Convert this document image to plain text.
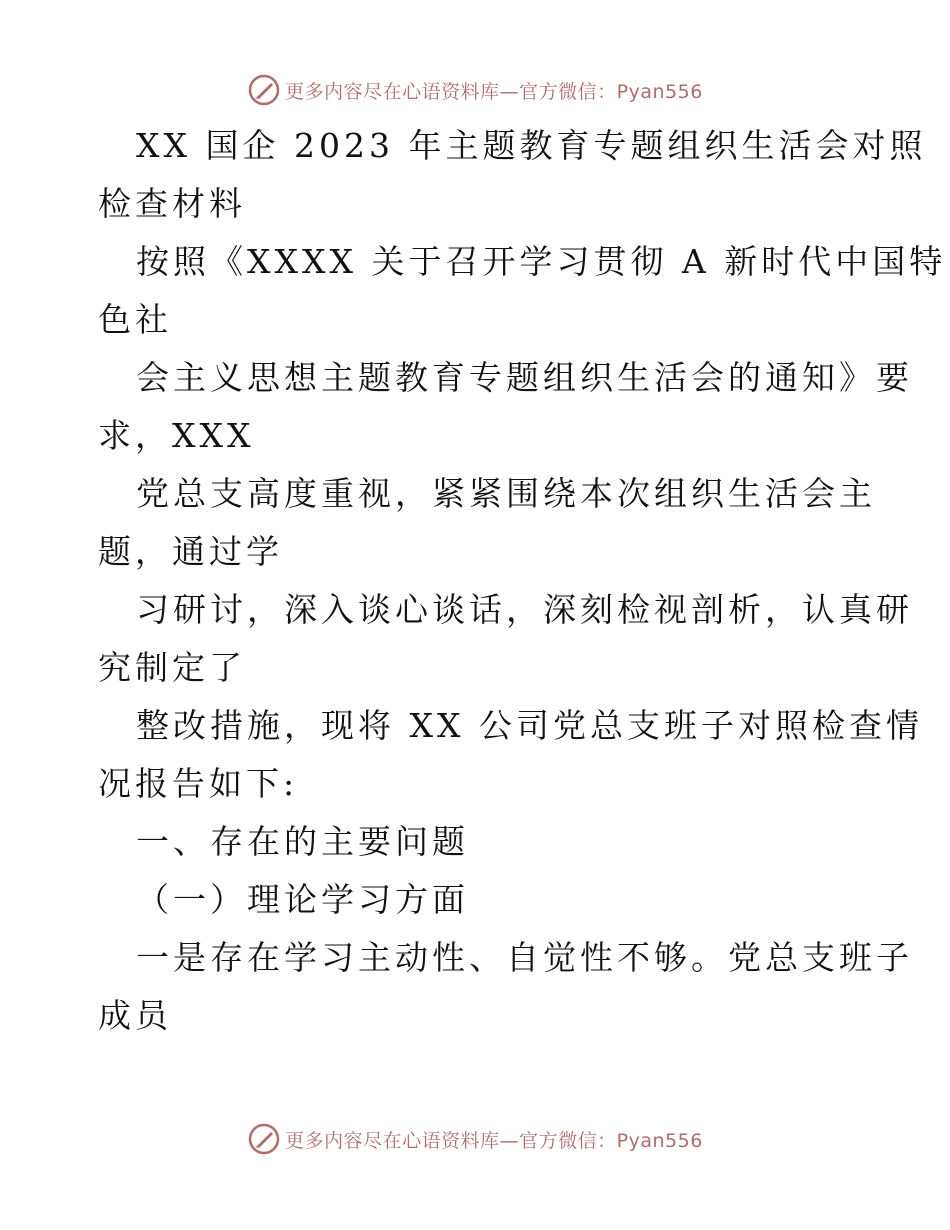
更多内容尽在心语资料库—官方微信：Pyan556
XX 国企 2023 年主题教育专题组织生活会对照
检查材料
按照《XXXX 关于召开学习贯彻 A 新时代中国特
色社
会主义思想主题教育专题组织生活会的通知》要
求，XXX
党总支高度重视，紧紧围绕本次组织生活会主
题，通过学
习研讨，深入谈心谈话，深刻检视剖析，认真研
究制定了
整改措施，现将 XX 公司党总支班子对照检查情
况报告如下:
一、存在的主要问题
（一）理论学习方面
一是存在学习主动性、自觉性不够。党总支班子
成员
更多内容尽在心语资料库—官方微信：Pyan556
